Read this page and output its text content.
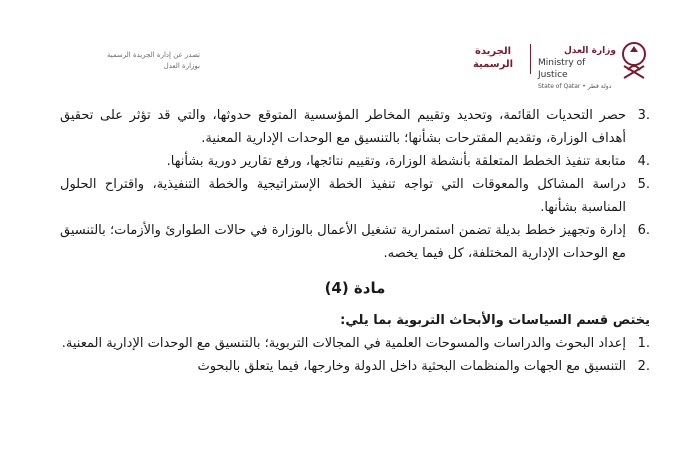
تصدر عن إدارة الجريدة الرسمية
بوزارة العدل
الجريدة
الرسمية
وزارة العدل
Ministry of Justice
State of Qatar • دولة قطر
3.
حصر التحديات القائمة، وتحديد وتقييم المخاطر المؤسسية المتوقع حدوثها، والتي قد تؤثر على تحقيق أهداف الوزارة، وتقديم المقترحات بشأنها؛ بالتنسيق مع الوحدات الإدارية المعنية.
4.
متابعة تنفيذ الخطط المتعلقة بأنشطة الوزارة، وتقييم نتائجها، ورفع تقارير دورية بشأنها.
5.
دراسة المشاكل والمعوقات التي تواجه تنفيذ الخطة الإستراتيجية والخطة التنفيذية، واقتراح الحلول المناسبة بشأنها.
6.
إدارة وتجهيز خطط بديلة تضمن استمرارية تشغيل الأعمال بالوزارة في حالات الطوارئ والأزمات؛ بالتنسيق مع الوحدات الإدارية المختلفة، كل فيما يخصه.
مادة (4)
يختص قسم السياسات والأبحاث التربوية بما يلي:
1.
إعداد البحوث والدراسات والمسوحات العلمية في المجالات التربوية؛ بالتنسيق مع الوحدات الإدارية المعنية.
2.
التنسيق مع الجهات والمنظمات البحثية داخل الدولة وخارجها، فيما يتعلق بالبحوث
